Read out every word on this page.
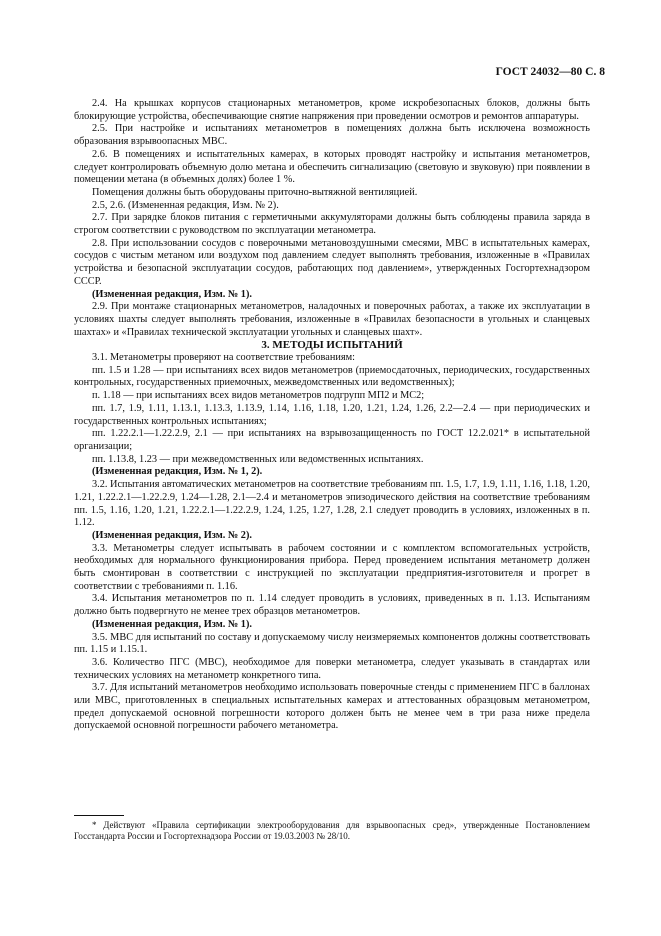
ГОСТ 24032—80 С. 8

2.4. На крышках корпусов стационарных метанометров, кроме искробезопасных блоков, должны быть блокирующие устройства, обеспечивающие снятие напряжения при проведении осмотров и ремонтов аппаратуры.

2.5. При настройке и испытаниях метанометров в помещениях должна быть исключена возможность образования взрывоопасных МВС.

2.6. В помещениях и испытательных камерах, в которых проводят настройку и испытания метанометров, следует контролировать объемную долю метана и обеспечить сигнализацию (световую и звуковую) при появлении в помещении метана (в объемных долях) более 1 %.

Помещения должны быть оборудованы приточно-вытяжной вентиляцией.

2.5, 2.6. (Измененная редакция, Изм. № 2).

2.7. При зарядке блоков питания с герметичными аккумуляторами должны быть соблюдены правила заряда в строгом соответствии с руководством по эксплуатации метанометра.

2.8. При использовании сосудов с поверочными метановоздушными смесями, МВС в испытательных камерах, сосудов с чистым метаном или воздухом под давлением следует выполнять требования, изложенные в «Правилах устройства и безопасной эксплуатации сосудов, работающих под давлением», утвержденных Госгортехнадзором СССР.

(Измененная редакция, Изм. № 1).

2.9. При монтаже стационарных метанометров, наладочных и поверочных работах, а также их эксплуатации в условиях шахты следует выполнять требования, изложенные в «Правилах безопасности в угольных и сланцевых шахтах» и «Правилах технической эксплуатации угольных и сланцевых шахт».

3. МЕТОДЫ ИСПЫТАНИЙ

3.1. Метанометры проверяют на соответствие требованиям:

пп. 1.5 и 1.28 — при испытаниях всех видов метанометров (приемосдаточных, периодических, государственных контрольных, государственных приемочных, межведомственных или ведомственных);

п. 1.18 — при испытаниях всех видов метанометров подгрупп МП2 и МС2;

пп. 1.7, 1.9, 1.11, 1.13.1, 1.13.3, 1.13.9, 1.14, 1.16, 1.18, 1.20, 1.21, 1.24, 1.26, 2.2—2.4 — при периодических и государственных контрольных испытаниях;

пп. 1.22.2.1—1.22.2.9, 2.1 — при испытаниях на взрывозащищенность по ГОСТ 12.2.021* в испытательной организации;

пп. 1.13.8, 1.23 — при межведомственных или ведомственных испытаниях.

(Измененная редакция, Изм. № 1, 2).

3.2. Испытания автоматических метанометров на соответствие требованиям пп. 1.5, 1.7, 1.9, 1.11, 1.16, 1.18, 1.20, 1.21, 1.22.2.1—1.22.2.9, 1.24—1.28, 2.1—2.4 и метанометров эпизодического действия на соответствие требованиям пп. 1.5, 1.16, 1.20, 1.21, 1.22.2.1—1.22.2.9, 1.24, 1.25, 1.27, 1.28, 2.1 следует проводить в условиях, изложенных в п. 1.12.

(Измененная редакция, Изм. № 2).

3.3. Метанометры следует испытывать в рабочем состоянии и с комплектом вспомогательных устройств, необходимых для нормального функционирования прибора. Перед проведением испытания метанометр должен быть смонтирован в соответствии с инструкцией по эксплуатации предприятия-изготовителя и прогрет в соответствии с требованиями п. 1.16.

3.4. Испытания метанометров по п. 1.14 следует проводить в условиях, приведенных в п. 1.13. Испытаниям должно быть подвергнуто не менее трех образцов метанометров.

(Измененная редакция, Изм. № 1).

3.5. МВС для испытаний по составу и допускаемому числу неизмеряемых компонентов должны соответствовать пп. 1.15 и 1.15.1.

3.6. Количество ПГС (МВС), необходимое для поверки метанометра, следует указывать в стандартах или технических условиях на метанометр конкретного типа.

3.7. Для испытаний метанометров необходимо использовать поверочные стенды с применением ПГС в баллонах или МВС, приготовленных в специальных испытательных камерах и аттестованных образцовым метанометром, предел допускаемой основной погрешности которого должен быть не менее чем в три раза ниже предела допускаемой основной погрешности рабочего метанометра.

* Действуют «Правила сертификации электрооборудования для взрывоопасных сред», утвержденные Постановлением Госстандарта России и Госгортехнадзора России от 19.03.2003 № 28/10.
